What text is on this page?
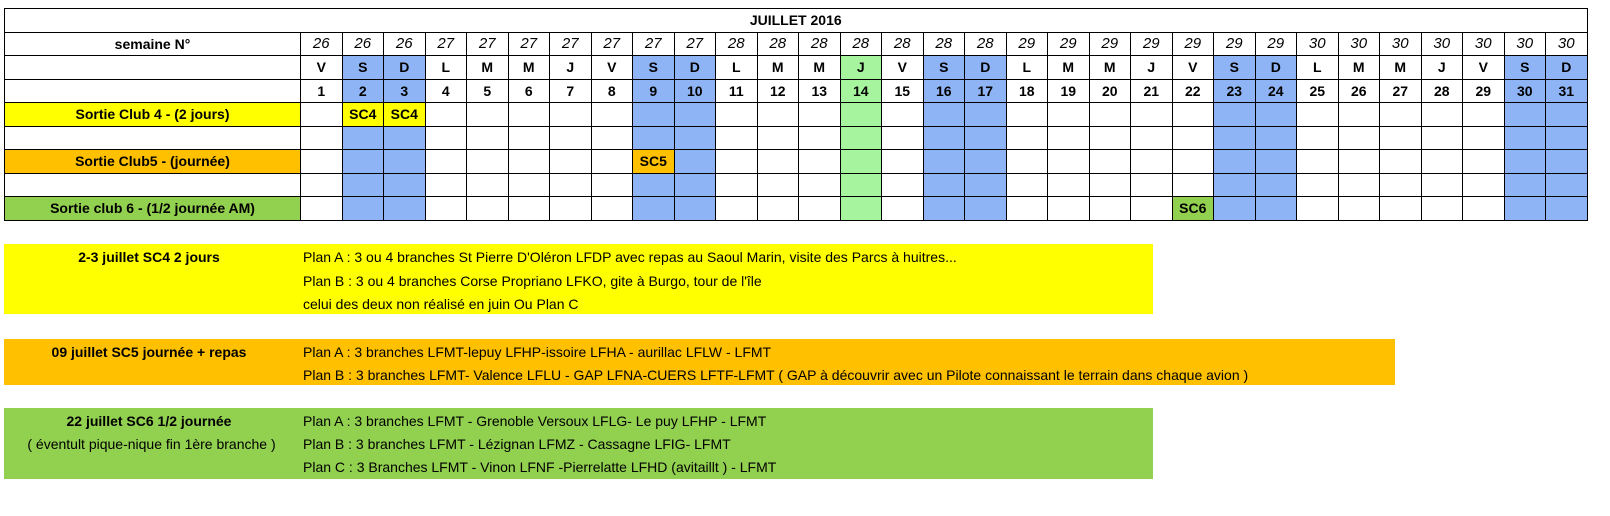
JUILLET 2016																															
semaine N°	26	26	26	27	27	27	27	27	27	27	28	28	28	28	28	28	28	29	29	29	29	29	29	29	30	30	30	30	30	30	30
	V	S	D	L	M	M	J	V	S	D	L	M	M	J	V	S	D	L	M	M	J	V	S	D	L	M	M	J	V	S	D
	1	2	3	4	5	6	7	8	9	10	11	12	13	14	15	16	17	18	19	20	21	22	23	24	25	26	27	28	29	30	31
Sortie Club 4 - (2 jours)		SC4	SC4																												

Sortie Club5 - (journée)									SC5																						

Sortie club 6 - (1/2 journée AM)																						SC6									
2-3 juillet SC4 2 jours	Plan A : 3 ou 4 branches St Pierre D'Oléron LFDP avec repas au Saoul Marin, visite des Parcs à huitres...
Plan B : 3 ou 4 branches Corse Propriano LFKO, gite à Burgo, tour de l'île
celui des deux non réalisé en juin Ou Plan C
09 juillet SC5 journée + repas	Plan A : 3 branches LFMT-lepuy LFHP-issoire LFHA - aurillac LFLW - LFMT
Plan B : 3 branches LFMT- Valence LFLU - GAP LFNA-CUERS LFTF-LFMT ( GAP à découvrir avec un Pilote connaissant le terrain dans chaque avion )
22 juillet SC6 1/2 journée
( éventult pique-nique fin 1ère branche )
Plan A : 3 branches LFMT - Grenoble Versoux LFLG- Le puy LFHP - LFMT
Plan B : 3 branches LFMT - Lézignan LFMZ - Cassagne LFIG- LFMT
Plan C : 3 Branches LFMT - Vinon LFNF -Pierrelatte LFHD (avitaillt ) - LFMT
